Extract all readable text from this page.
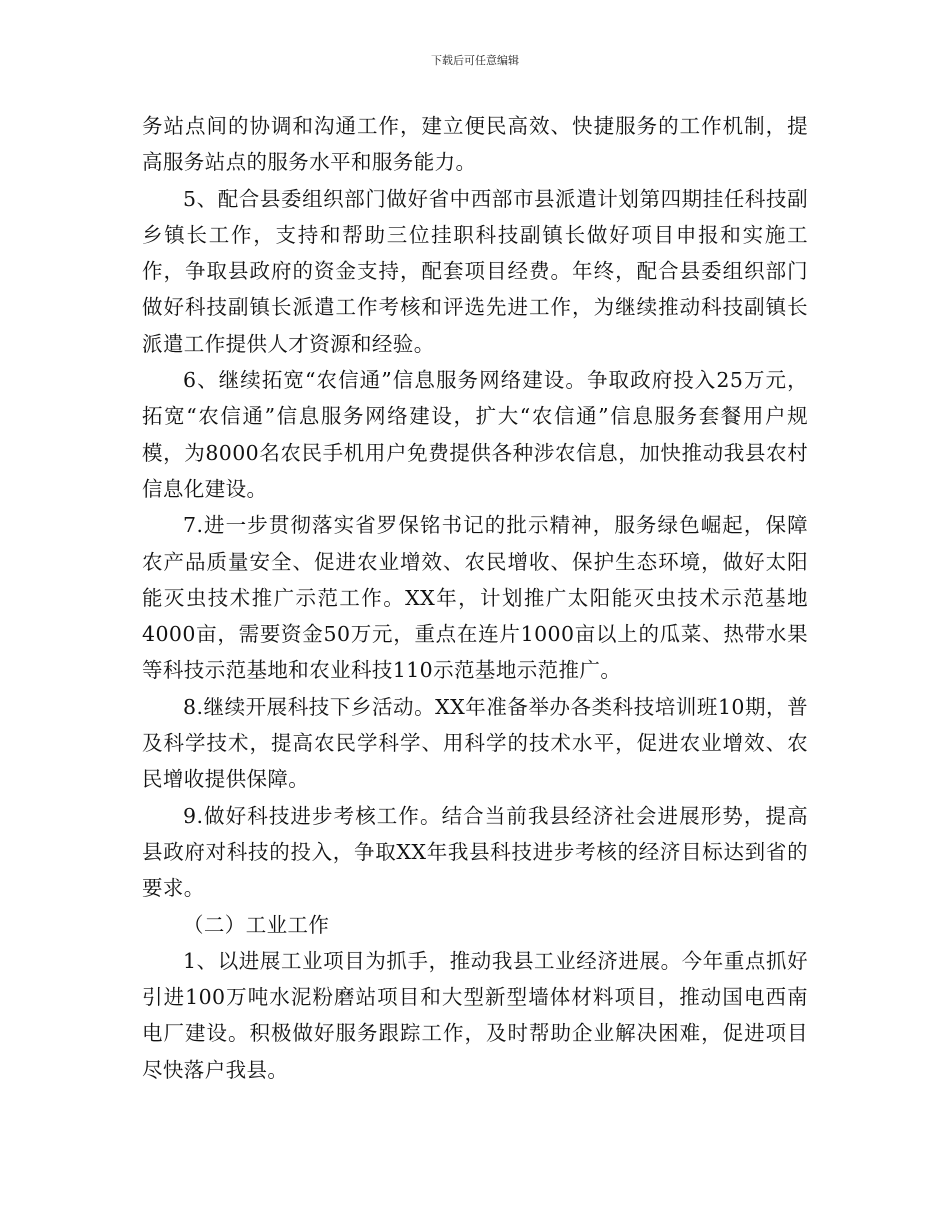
下载后可任意编辑

务站点间的协调和沟通工作，建立便民高效、快捷服务的工作机制，提高服务站点的服务水平和服务能力。

5、配合县委组织部门做好省中西部市县派遣计划第四期挂任科技副乡镇长工作，支持和帮助三位挂职科技副镇长做好项目申报和实施工作，争取县政府的资金支持，配套项目经费。年终，配合县委组织部门做好科技副镇长派遣工作考核和评选先进工作，为继续推动科技副镇长派遣工作提供人才资源和经验。

6、继续拓宽“农信通”信息服务网络建设。争取政府投入25万元，拓宽“农信通”信息服务网络建设，扩大“农信通”信息服务套餐用户规模，为8000名农民手机用户免费提供各种涉农信息，加快推动我县农村信息化建设。

7.进一步贯彻落实省罗保铭书记的批示精神，服务绿色崛起，保障农产品质量安全、促进农业增效、农民增收、保护生态环境，做好太阳能灭虫技术推广示范工作。XX年，计划推广太阳能灭虫技术示范基地4000亩，需要资金50万元，重点在连片1000亩以上的瓜菜、热带水果等科技示范基地和农业科技110示范基地示范推广。

8.继续开展科技下乡活动。XX年准备举办各类科技培训班10期，普及科学技术，提高农民学科学、用科学的技术水平，促进农业增效、农民增收提供保障。

9.做好科技进步考核工作。结合当前我县经济社会进展形势，提高县政府对科技的投入，争取XX年我县科技进步考核的经济目标达到省的要求。

（二）工业工作

1、以进展工业项目为抓手，推动我县工业经济进展。今年重点抓好引进100万吨水泥粉磨站项目和大型新型墙体材料项目，推动国电西南电厂建设。积极做好服务跟踪工作，及时帮助企业解决困难，促进项目尽快落户我县。
